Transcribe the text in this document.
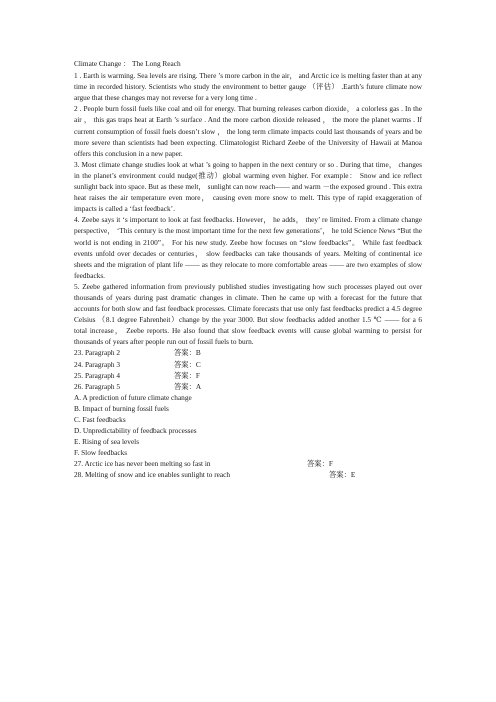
Climate Change ： The Long Reach

1 . Earth is warming. Sea levels are rising. There ’s more carbon in the air， and Arctic ice is melting faster than at any time in recorded history. Scientists who study the environment to better gauge （评估） .Earth’s future climate now argue that these changes may not reverse for a very long time .

2 . People burn fossil fuels like coal and oil for energy. That burning releases carbon dioxide， a colorless gas . In the air ， this gas traps heat at Earth ’s surface . And the more carbon dioxide released ， the more the planet warms . If current consumption of fossil fuels doesn’t slow ， the long term climate impacts could last thousands of years and be more severe than scientists had been expecting. Climatologist Richard Zeebe of the University of Hawaii at Manoa offers this conclusion in a new paper.

3. Most climate change studies look at what ’s going to happen in the next century or so . During that time， changes in the planet’s environment could nudge(推动）global warming even higher. For example： Snow and ice reflect sunlight back into space. But as these melt， sunlight can now reach—— and warm －the exposed ground . This extra heat raises the air temperature even more， causing even more snow to melt. This type of rapid exaggeration of impacts is called a ‘fast feedback’.

4. Zeebe says it ‘s important to look at fast feedbacks. However， he adds， they’ re limited. From a climate change perspective， ‘This century is the most important time for the next few generations’， he told Science News “But the world is not ending in 2100”。 For his new study. Zeebe how focuses on “slow feedbacks”。 While fast feedback events unfold over decades or centuries， slow feedbacks can take thousands of years. Melting of continental ice sheets and the migration of plant life —— as they relocate to more comfortable areas —— are two examples of slow feedbacks.

5. Zeebe gathered information from previously published studies investigating how such processes played out over thousands of years during past dramatic changes in climate. Then he came up with a forecast for the future that accounts for both slow and fast feedback processes. Climate forecasts that use only fast feedbacks predict a 4.5 degree Celsius （8.1 degree Fahrenheit）change by the year 3000. But slow feedbacks added another 1.5 ℃ —— for a 6 total increase， Zeebe reports. He also found that slow feedback events will cause global warming to persist for thousands of years after people run out of fossil fuels to burn.

23. Paragraph 2	答案：B
24. Paragraph 3	答案：C
25. Paragraph 4	答案：F
26. Paragraph 5	答案：A

A. A prediction of future climate change

B. Impact of burning fossil fuels

C. Fast feedbacks

D. Unpredictability of feedback processes

E. Rising of sea levels

F. Slow feedbacks

27. Arctic ice has never been melting so fast in	答案：F
28. Melting of snow and ice enables sunlight to reach	答案：E
